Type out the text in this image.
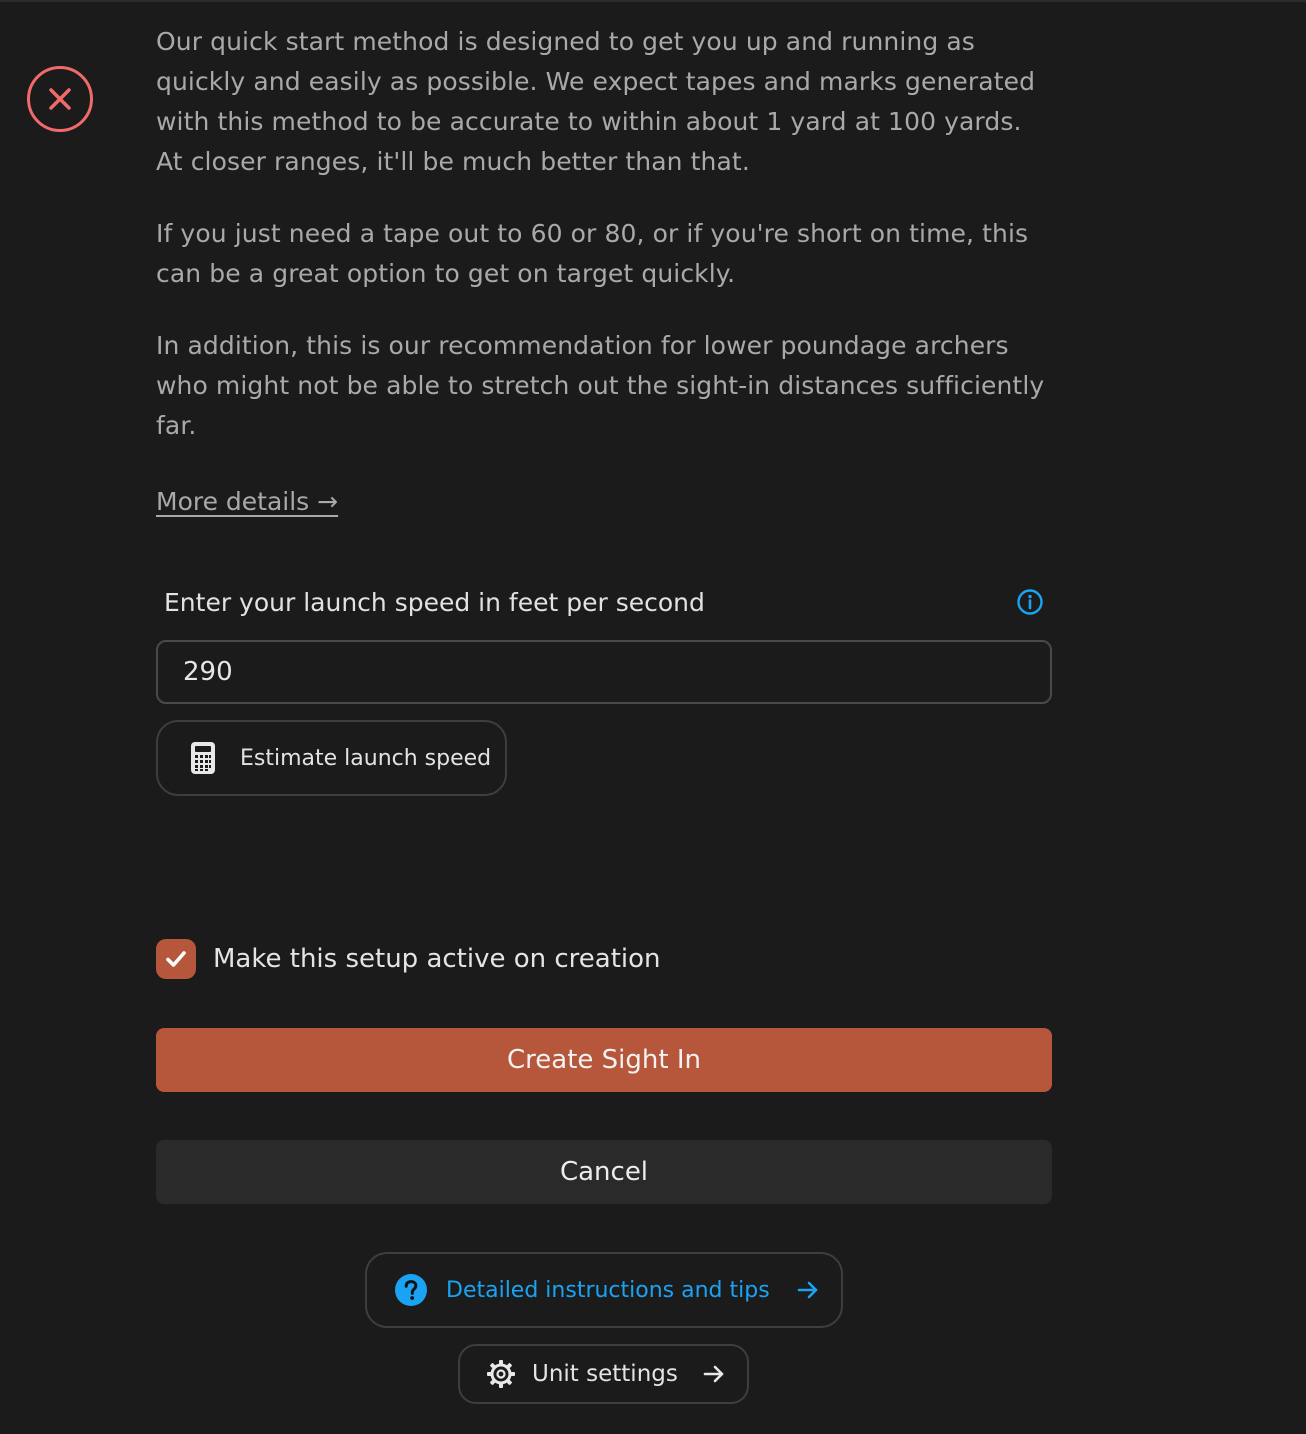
Our quick start method is designed to get you up and running as quickly and easily as possible. We expect tapes and marks generated with this method to be accurate to within about 1 yard at 100 yards. At closer ranges, it'll be much better than that.

If you just need a tape out to 60 or 80, or if you're short on time, this can be a great option to get on target quickly.

In addition, this is our recommendation for lower poundage archers who might not be able to stretch out the sight-in distances sufficiently far.

More details →
Enter your launch speed in feet per second
290
Estimate launch speed
Make this setup active on creation
Create Sight In
Cancel
Detailed instructions and tips
Unit settings
